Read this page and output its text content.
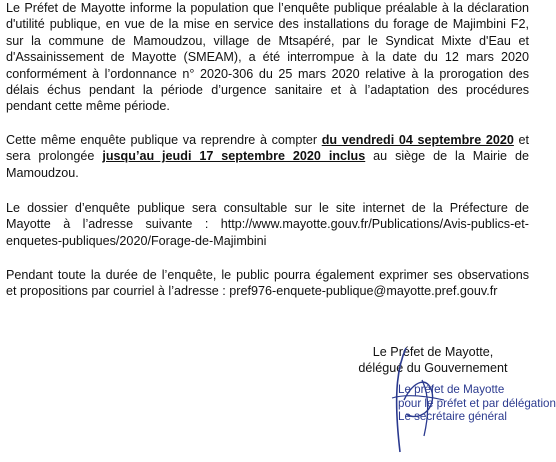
Le Préfet de Mayotte informe la population que l’enquête publique préalable à la déclaration
d'utilité publique, en vue de la mise en service des installations du forage de Majimbini F2,
sur la commune de Mamoudzou, village de Mtsapéré, par le Syndicat Mixte d'Eau et
d'Assainissement de Mayotte (SMEAM), a été interrompue à la date du 12 mars 2020
conformément à l’ordonnance n° 2020-306 du 25 mars 2020 relative à la prorogation des
délais échus pendant la période d’urgence sanitaire et à l’adaptation des procédures
pendant cette même période.

Cette même enquête publique va reprendre à compter du vendredi 04 septembre 2020 et
sera prolongée jusqu’au jeudi 17 septembre 2020 inclus au siège de la Mairie de
Mamoudzou.

Le dossier d’enquête publique sera consultable sur le site internet de la Préfecture de
Mayotte à l’adresse suivante : http://www.mayotte.gouv.fr/Publications/Avis-publics-et-
enquetes-publiques/2020/Forage-de-Majimbini

Pendant toute la durée de l’enquête, le public pourra également exprimer ses observations
et propositions par courriel à l’adresse : pref976-enquete-publique@mayotte.pref.gouv.fr

Le Préfet de Mayotte,
délégué du Gouvernement
Le préfet de Mayotte
pour le préfet et par délégation
Le secrétaire général
